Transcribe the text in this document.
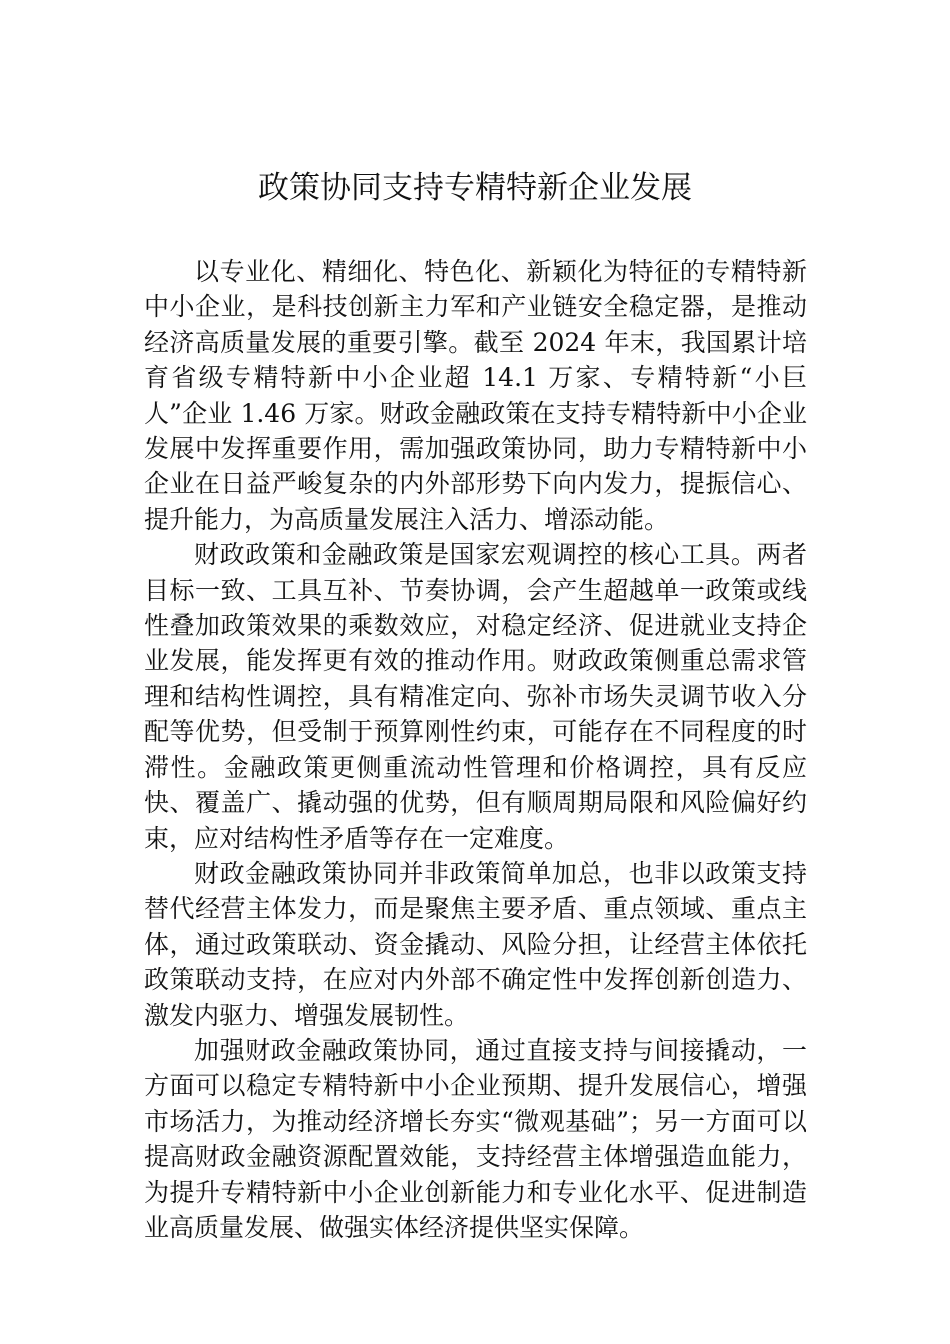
政策协同支持专精特新企业发展

以专业化、精细化、特色化、新颖化为特征的专精特新中小企业，是科技创新主力军和产业链安全稳定器，是推动经济高质量发展的重要引擎。截至 2024 年末，我国累计培育省级专精特新中小企业超 14.1 万家、专精特新“小巨人”企业 1.46 万家。财政金融政策在支持专精特新中小企业发展中发挥重要作用，需加强政策协同，助力专精特新中小企业在日益严峻复杂的内外部形势下向内发力，提振信心、提升能力，为高质量发展注入活力、增添动能。

财政政策和金融政策是国家宏观调控的核心工具。两者目标一致、工具互补、节奏协调，会产生超越单一政策或线性叠加政策效果的乘数效应，对稳定经济、促进就业支持企业发展，能发挥更有效的推动作用。财政政策侧重总需求管理和结构性调控，具有精准定向、弥补市场失灵调节收入分配等优势，但受制于预算刚性约束，可能存在不同程度的时滞性。金融政策更侧重流动性管理和价格调控，具有反应快、覆盖广、撬动强的优势，但有顺周期局限和风险偏好约束，应对结构性矛盾等存在一定难度。

财政金融政策协同并非政策简单加总，也非以政策支持替代经营主体发力，而是聚焦主要矛盾、重点领域、重点主体，通过政策联动、资金撬动、风险分担，让经营主体依托政策联动支持，在应对内外部不确定性中发挥创新创造力、激发内驱力、增强发展韧性。

加强财政金融政策协同，通过直接支持与间接撬动，一方面可以稳定专精特新中小企业预期、提升发展信心，增强市场活力，为推动经济增长夯实“微观基础”；另一方面可以提高财政金融资源配置效能，支持经营主体增强造血能力，为提升专精特新中小企业创新能力和专业化水平、促进制造业高质量发展、做强实体经济提供坚实保障。
